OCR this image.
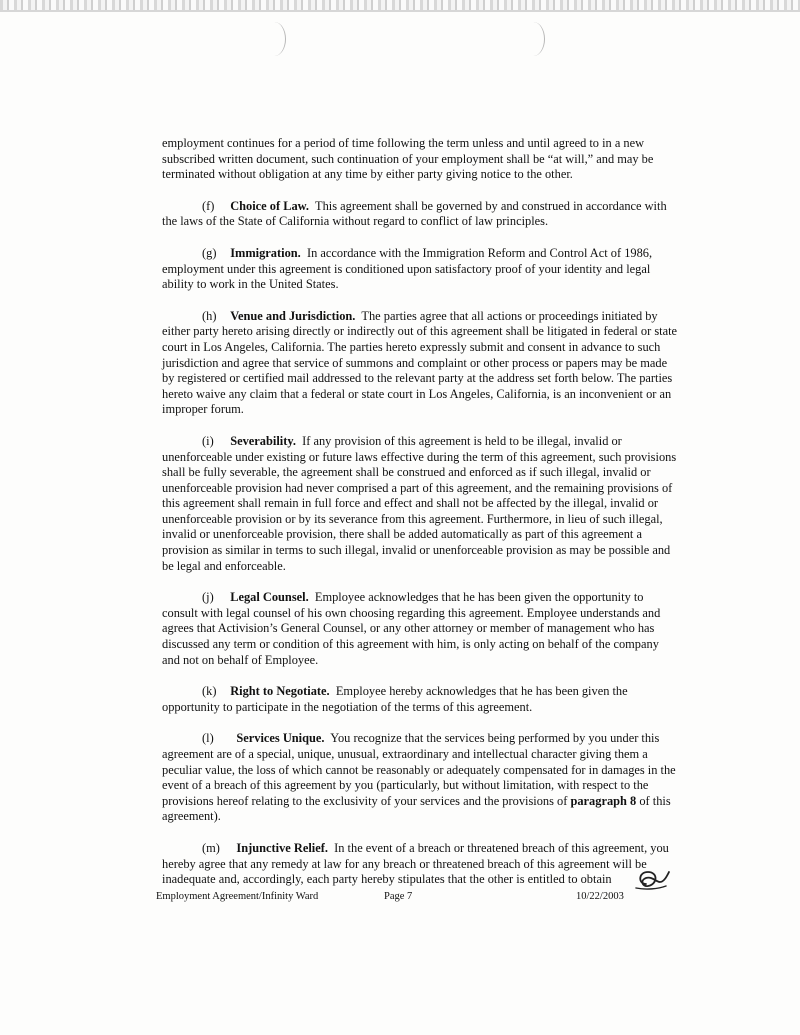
employment continues for a period of time following the term unless and until agreed to in a new subscribed written document, such continuation of your employment shall be “at will,” and may be terminated without obligation at any time by either party giving notice to the other.

(f) Choice of Law. This agreement shall be governed by and construed in accordance with the laws of the State of California without regard to conflict of law principles.

(g) Immigration. In accordance with the Immigration Reform and Control Act of 1986, employment under this agreement is conditioned upon satisfactory proof of your identity and legal ability to work in the United States.

(h) Venue and Jurisdiction. The parties agree that all actions or proceedings initiated by either party hereto arising directly or indirectly out of this agreement shall be litigated in federal or state court in Los Angeles, California. The parties hereto expressly submit and consent in advance to such jurisdiction and agree that service of summons and complaint or other process or papers may be made by registered or certified mail addressed to the relevant party at the address set forth below. The parties hereto waive any claim that a federal or state court in Los Angeles, California, is an inconvenient or an improper forum.

(i) Severability. If any provision of this agreement is held to be illegal, invalid or unenforceable under existing or future laws effective during the term of this agreement, such provisions shall be fully severable, the agreement shall be construed and enforced as if such illegal, invalid or unenforceable provision had never comprised a part of this agreement, and the remaining provisions of this agreement shall remain in full force and effect and shall not be affected by the illegal, invalid or unenforceable provision or by its severance from this agreement. Furthermore, in lieu of such illegal, invalid or unenforceable provision, there shall be added automatically as part of this agreement a provision as similar in terms to such illegal, invalid or unenforceable provision as may be possible and be legal and enforceable.

(j) Legal Counsel. Employee acknowledges that he has been given the opportunity to consult with legal counsel of his own choosing regarding this agreement. Employee understands and agrees that Activision’s General Counsel, or any other attorney or member of management who has discussed any term or condition of this agreement with him, is only acting on behalf of the company and not on behalf of Employee.

(k) Right to Negotiate. Employee hereby acknowledges that he has been given the opportunity to participate in the negotiation of the terms of this agreement.

(l) Services Unique. You recognize that the services being performed by you under this agreement are of a special, unique, unusual, extraordinary and intellectual character giving them a peculiar value, the loss of which cannot be reasonably or adequately compensated for in damages in the event of a breach of this agreement by you (particularly, but without limitation, with respect to the provisions hereof relating to the exclusivity of your services and the provisions of paragraph 8 of this agreement).

(m) Injunctive Relief. In the event of a breach or threatened breach of this agreement, you hereby agree that any remedy at law for any breach or threatened breach of this agreement will be inadequate and, accordingly, each party hereby stipulates that the other is entitled to obtain

Employment Agreement/Infinity Ward	Page 7	10/22/2003
